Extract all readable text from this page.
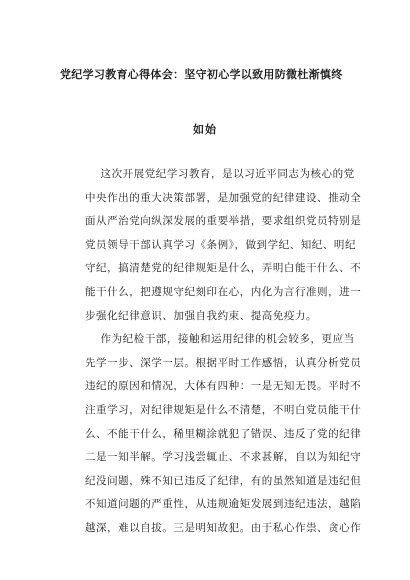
党纪学习教育心得体会：坚守初心学以致用防微杜渐慎终
如始
这次开展党纪学习教育，是以习近平同志为核心的党
中央作出的重大决策部署，是加强党的纪律建设、推动全
面从严治党向纵深发展的重要举措，要求组织党员特别是
党员领导干部认真学习《条例》，做到学纪、知纪、明纪
守纪，搞清楚党的纪律规矩是什么，弄明白能干什么、不
能干什么，把遵规守纪刻印在心，内化为言行准则，进一
步强化纪律意识、加强自我约束、提高免疫力。
作为纪检干部，接触和运用纪律的机会较多，更应当
先学一步、深学一层。根据平时工作感悟，认真分析党员
违纪的原因和情况，大体有四种：一是无知无畏。平时不
注重学习，对纪律规矩是什么不清楚，不明白党员能干什
么、不能干什么，稀里糊涂就犯了错误、违反了党的纪律
二是一知半解。学习浅尝辄止、不求甚解，自以为知纪守
纪没问题，殊不知已违反了纪律，有的虽然知道是违纪但
不知道问题的严重性，从违规逾矩发展到违纪违法，越陷
越深，难以自拔。三是明知故犯。由于私心作祟、贪心作
